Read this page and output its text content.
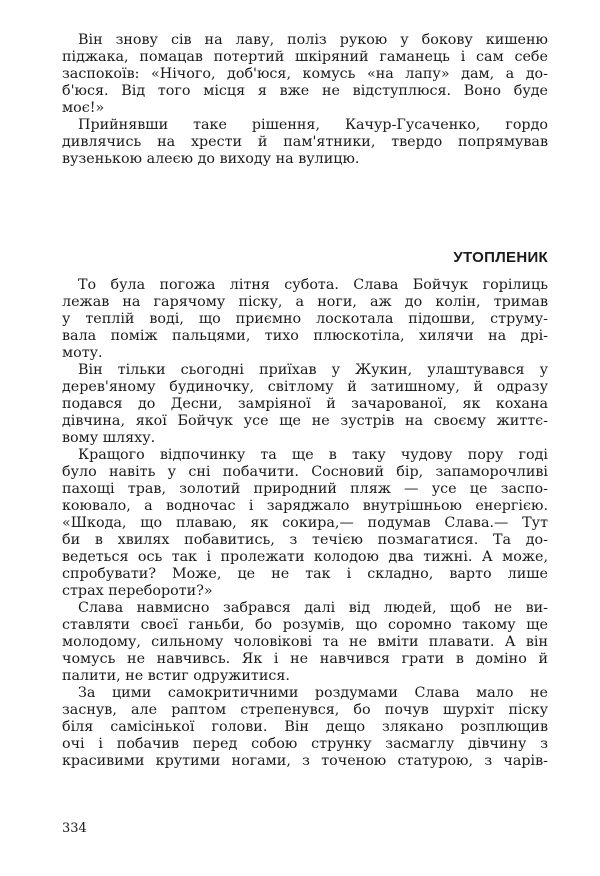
Він знову сів на лаву, поліз рукою у бокову кишеню
піджака, помацав потертий шкіряний гаманець і сам себе
заспокоїв: «Нічого, доб'юся, комусь «на лапу» дам, а до-
б'юся. Від того місця я вже не відступлюся. Воно буде
моє!»
Прийнявши таке рішення, Качур-Гусаченко, гордо
дивлячись на хрести й пам'ятники, твердо попрямував
вузенькою алеєю до виходу на вулицю.
УТОПЛЕНИК
То була погожа літня субота. Слава Бойчук горілиць
лежав на гарячому піску, а ноги, аж до колін, тримав
у теплій воді, що приємно лоскотала підошви, струму-
вала поміж пальцями, тихо плюскотіла, хилячи на дрі-
моту.
Він тільки сьогодні приїхав у Жукин, улаштувався у
дерев'яному будиночку, світлому й затишному, й одразу
подався до Десни, замріяної й зачарованої, як кохана
дівчина, якої Бойчук усе ще не зустрів на своєму життє-
вому шляху.
Кращого відпочинку та ще в таку чудову пору годі
було навіть у сні побачити. Сосновий бір, запаморочливі
пахощі трав, золотий природний пляж — усе це заспо-
коювало, а водночас і заряджало внутрішньою енергією.
«Шкода, що плаваю, як сокира,— подумав Слава.— Тут
би в хвилях побавитись, з течією позмагатися. Та до-
ведеться ось так і пролежати колодою два тижні. А може,
спробувати? Може, це не так і складно, варто лише
страх перебороти?»
Слава навмисно забрався далі від людей, щоб не ви-
ставляти своєї ганьби, бо розумів, що соромно такому ще
молодому, сильному чоловікові та не вміти плавати. А він
чомусь не навчивсь. Як і не навчився грати в доміно й
палити, не встиг одружитися.
За цими самокритичними роздумами Слава мало не
заснув, але раптом стрепенувся, бо почув шурхіт піску
біля самісінької голови. Він дещо злякано розплющив
очі і побачив перед собою струнку засмаглу дівчину з
красивими крутими ногами, з точеною статурою, з чарів-
334
